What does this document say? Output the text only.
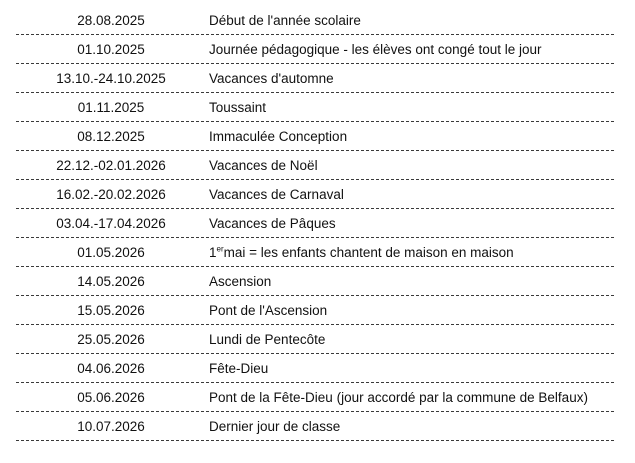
28.08.2025	Début de l'année scolaire
01.10.2025	Journée pédagogique - les élèves ont congé tout le jour
13.10.-24.10.2025	Vacances d'automne
01.11.2025	Toussaint
08.12.2025	Immaculée Conception
22.12.-02.01.2026	Vacances de Noël
16.02.-20.02.2026	Vacances de Carnaval
03.04.-17.04.2026	Vacances de Pâques
01.05.2026	1ermai = les enfants chantent de maison en maison
14.05.2026	Ascension
15.05.2026	Pont de l'Ascension
25.05.2026	Lundi de Pentecôte
04.06.2026	Fête-Dieu
05.06.2026	Pont de la Fête-Dieu (jour accordé par la commune de Belfaux)
10.07.2026	Dernier jour de classe
